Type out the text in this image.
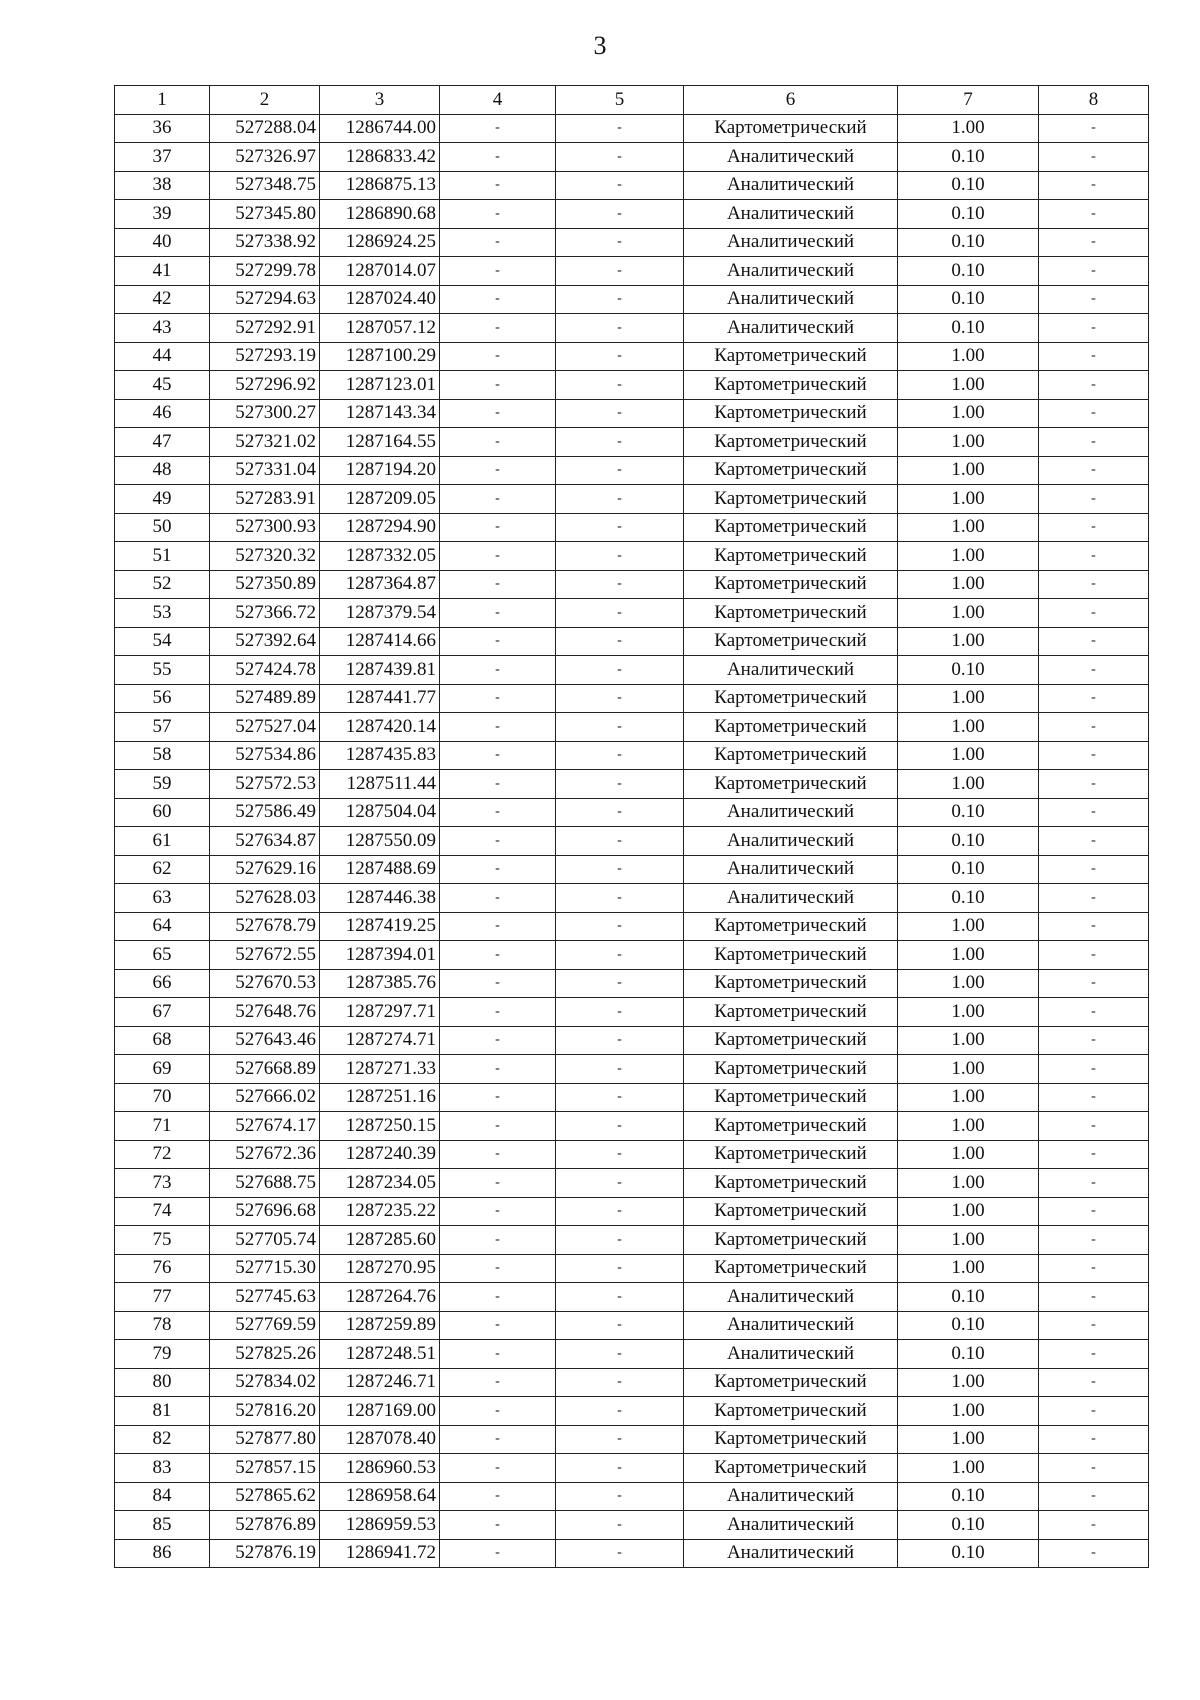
3
1	2	3	4	5	6	7	8
36	527288.04	1286744.00	-	-	Картометрический	1.00	-
37	527326.97	1286833.42	-	-	Аналитический	0.10	-
38	527348.75	1286875.13	-	-	Аналитический	0.10	-
39	527345.80	1286890.68	-	-	Аналитический	0.10	-
40	527338.92	1286924.25	-	-	Аналитический	0.10	-
41	527299.78	1287014.07	-	-	Аналитический	0.10	-
42	527294.63	1287024.40	-	-	Аналитический	0.10	-
43	527292.91	1287057.12	-	-	Аналитический	0.10	-
44	527293.19	1287100.29	-	-	Картометрический	1.00	-
45	527296.92	1287123.01	-	-	Картометрический	1.00	-
46	527300.27	1287143.34	-	-	Картометрический	1.00	-
47	527321.02	1287164.55	-	-	Картометрический	1.00	-
48	527331.04	1287194.20	-	-	Картометрический	1.00	-
49	527283.91	1287209.05	-	-	Картометрический	1.00	-
50	527300.93	1287294.90	-	-	Картометрический	1.00	-
51	527320.32	1287332.05	-	-	Картометрический	1.00	-
52	527350.89	1287364.87	-	-	Картометрический	1.00	-
53	527366.72	1287379.54	-	-	Картометрический	1.00	-
54	527392.64	1287414.66	-	-	Картометрический	1.00	-
55	527424.78	1287439.81	-	-	Аналитический	0.10	-
56	527489.89	1287441.77	-	-	Картометрический	1.00	-
57	527527.04	1287420.14	-	-	Картометрический	1.00	-
58	527534.86	1287435.83	-	-	Картометрический	1.00	-
59	527572.53	1287511.44	-	-	Картометрический	1.00	-
60	527586.49	1287504.04	-	-	Аналитический	0.10	-
61	527634.87	1287550.09	-	-	Аналитический	0.10	-
62	527629.16	1287488.69	-	-	Аналитический	0.10	-
63	527628.03	1287446.38	-	-	Аналитический	0.10	-
64	527678.79	1287419.25	-	-	Картометрический	1.00	-
65	527672.55	1287394.01	-	-	Картометрический	1.00	-
66	527670.53	1287385.76	-	-	Картометрический	1.00	-
67	527648.76	1287297.71	-	-	Картометрический	1.00	-
68	527643.46	1287274.71	-	-	Картометрический	1.00	-
69	527668.89	1287271.33	-	-	Картометрический	1.00	-
70	527666.02	1287251.16	-	-	Картометрический	1.00	-
71	527674.17	1287250.15	-	-	Картометрический	1.00	-
72	527672.36	1287240.39	-	-	Картометрический	1.00	-
73	527688.75	1287234.05	-	-	Картометрический	1.00	-
74	527696.68	1287235.22	-	-	Картометрический	1.00	-
75	527705.74	1287285.60	-	-	Картометрический	1.00	-
76	527715.30	1287270.95	-	-	Картометрический	1.00	-
77	527745.63	1287264.76	-	-	Аналитический	0.10	-
78	527769.59	1287259.89	-	-	Аналитический	0.10	-
79	527825.26	1287248.51	-	-	Аналитический	0.10	-
80	527834.02	1287246.71	-	-	Картометрический	1.00	-
81	527816.20	1287169.00	-	-	Картометрический	1.00	-
82	527877.80	1287078.40	-	-	Картометрический	1.00	-
83	527857.15	1286960.53	-	-	Картометрический	1.00	-
84	527865.62	1286958.64	-	-	Аналитический	0.10	-
85	527876.89	1286959.53	-	-	Аналитический	0.10	-
86	527876.19	1286941.72	-	-	Аналитический	0.10	-
